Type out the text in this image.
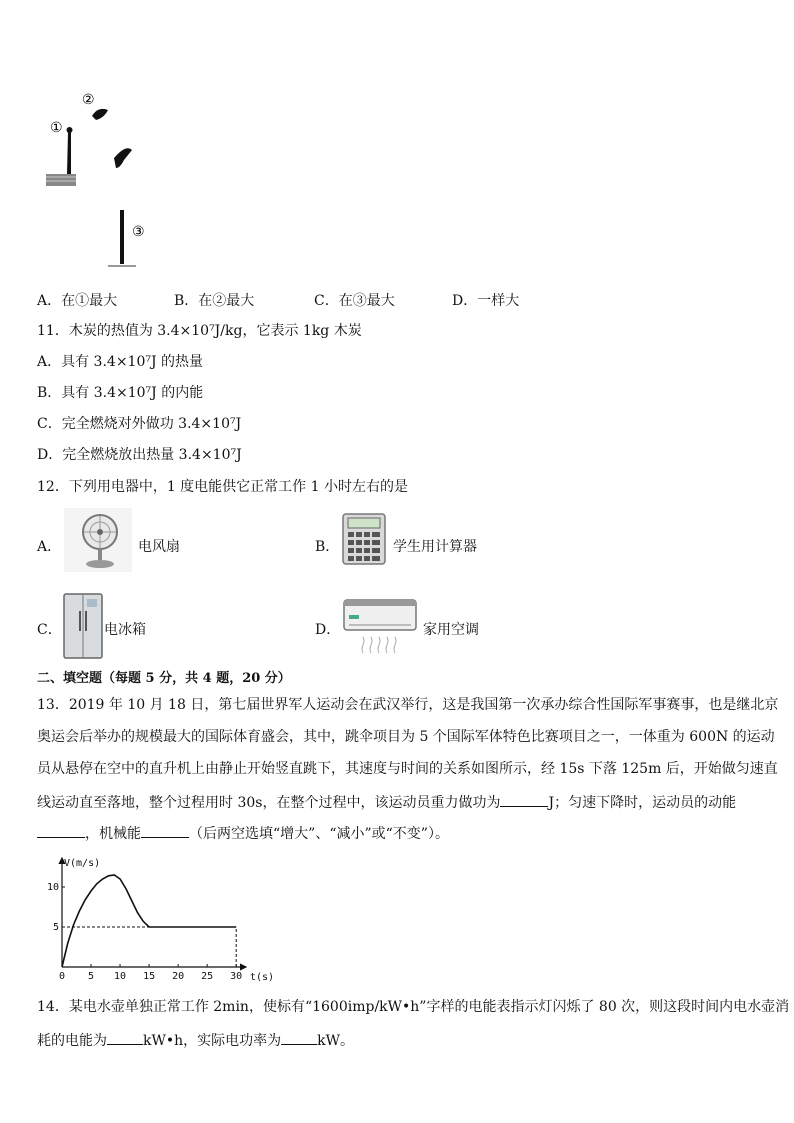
①
②
③
A．在①最大	B．在②最大	C．在③最大	D．一样大
11．木炭的热值为 3.4×10⁷J/kg，它表示 1kg 木炭
A．具有 3.4×10⁷J 的热量
B．具有 3.4×10⁷J 的内能
C．完全燃烧对外做功 3.4×10⁷J
D．完全燃烧放出热量 3.4×10⁷J
12．下列用电器中，1 度电能供它正常工作 1 小时左右的是
A．	电风扇	B．	学生用计算器
C．	电冰箱	D．	家用空调
二、填空题（每题 5 分，共 4 题，20 分）
13．2019 年 10 月 18 日，第七届世界军人运动会在武汉举行，这是我国第一次承办综合性国际军事赛事，也是继北京
奥运会后举办的规模最大的国际体育盛会，其中，跳伞项目为 5 个国际军体特色比赛项目之一，一体重为 600N 的运动
员从悬停在空中的直升机上由静止开始竖直跳下，其速度与时间的关系如图所示，经 15s 下落 125m 后，开始做匀速直
线运动直至落地，整个过程用时 30s，在整个过程中，该运动员重力做功为	J；匀速下降时，运动员的动能
，机械能	（后两空选填“增大”、“减小”或“不变”）。
V(m/s)
t(s)
0 5 10 15 20 25 30
5
10
14．某电水壶单独正常工作 2min，使标有“1600imp/kW•h”字样的电能表指示灯闪烁了 80 次，则这段时间内电水壶消
耗的电能为	kW•h，实际电功率为	kW。
